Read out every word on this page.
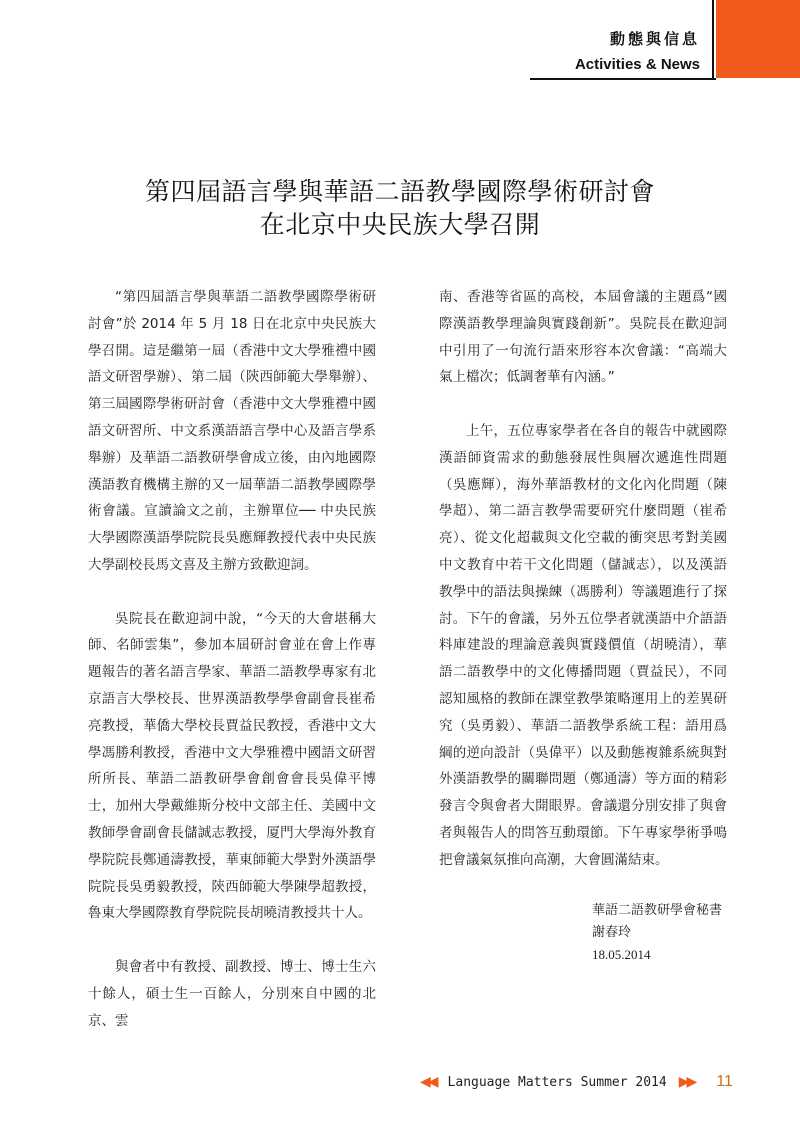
動態與信息
Activities & News
第四屆語言學與華語二語教學國際學術研討會
在北京中央民族大學召開

“第四屆語言學與華語二語教學國際學術研討會”於 2014 年 5 月 18 日在北京中央民族大學召開。這是繼第一屆（香港中文大學雅禮中國語文研習學辦）、第二屆（陝西師範大學舉辦）、第三屆國際學術研討會（香港中文大學雅禮中國語文研習所、中文系漢語語言學中心及語言學系舉辦）及華語二語教研學會成立後，由內地國際漢語教育機構主辦的又一屆華語二語教學國際學術會議。宣讀論文之前，主辦單位── 中央民族大學國際漢語學院院長吳應輝教授代表中央民族大學副校長馬文喜及主辦方致歡迎詞。

吳院長在歡迎詞中說，“今天的大會堪稱大師、名師雲集”，參加本屆研討會並在會上作專題報告的著名語言學家、華語二語教學專家有北京語言大學校長、世界漢語教學學會副會長崔希亮教授，華僑大學校長賈益民教授，香港中文大學馮勝利教授，香港中文大學雅禮中國語文研習所所長、華語二語教研學會創會會長吳偉平博士，加州大學戴維斯分校中文部主任、美國中文教師學會副會長儲誠志教授，厦門大學海外教育學院院長鄭通濤教授，華東師範大學對外漢語學院院長吳勇毅教授，陝西師範大學陳學超教授，魯東大學國際教育學院院長胡曉清教授共十人。

與會者中有教授、副教授、博士、博士生六十餘人，碩士生一百餘人，分別來自中國的北京、雲

南、香港等省區的高校，本屆會議的主題爲“國際漢語教學理論與實踐創新”。吳院長在歡迎詞中引用了一句流行語來形容本次會議：“高端大氣上檔次；低調奢華有內涵。”

上午，五位專家學者在各自的報告中就國際漢語師資需求的動態發展性與層次遞進性問題（吳應輝），海外華語教材的文化內化問題（陳學超）、第二語言教學需要研究什麼問題（崔希亮）、從文化超載與文化空載的衝突思考對美國中文教育中若干文化問題（儲誠志），以及漢語教學中的語法與操練（馮勝利）等議題進行了探討。下午的會議，另外五位學者就漢語中介語語料庫建設的理論意義與實踐價值（胡曉清），華語二語教學中的文化傳播問題（賈益民），不同認知風格的教師在課堂教學策略運用上的差異研究（吳勇毅）、華語二語教學系統工程：語用爲綱的逆向設計（吳偉平）以及動態複雜系統與對外漢語教學的關聯問題（鄭通濤）等方面的精彩發言令與會者大開眼界。會議還分別安排了與會者與報告人的問答互動環節。下午專家學術爭鳴把會議氣氛推向高潮，大會圓滿結束。

華語二語教研學會秘書
謝春玲
18.05.2014
◀◀ Language Matters Summer 2014 ▶▶ 11
